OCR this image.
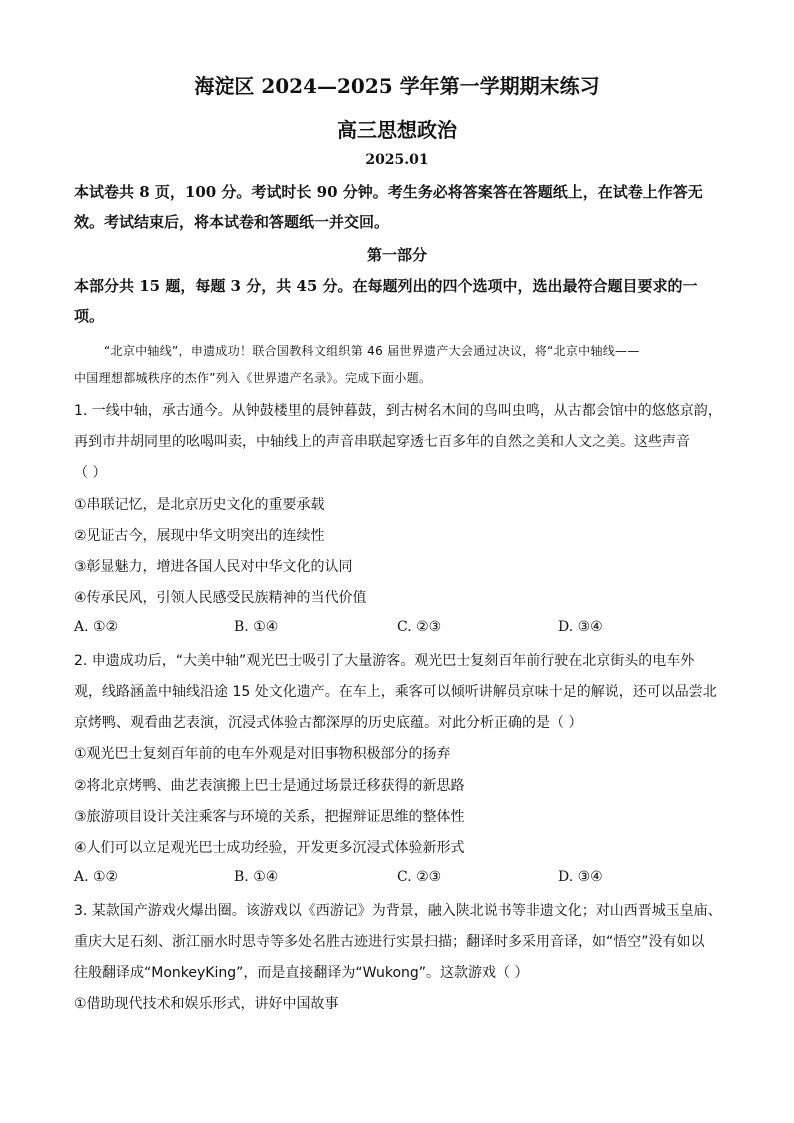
海淀区 2024—2025 学年第一学期期末练习
高三思想政治
2025.01
本试卷共 8 页，100 分。考试时长 90 分钟。考生务必将答案答在答题纸上，在试卷上作答无
效。考试结束后，将本试卷和答题纸一并交回。
第一部分
本部分共 15 题，每题 3 分，共 45 分。在每题列出的四个选项中，选出最符合题目要求的一
项。
“北京中轴线”，申遗成功！联合国教科文组织第 46 届世界遗产大会通过决议，将“北京中轴线——
中国理想都城秩序的杰作”列入《世界遗产名录》。完成下面小题。
1. 一线中轴，承古通今。从钟鼓楼里的晨钟暮鼓，到古树名木间的鸟叫虫鸣，从古都会馆中的悠悠京韵，
再到市井胡同里的吆喝叫卖，中轴线上的声音串联起穿透七百多年的自然之美和人文之美。这些声音
（ ）
①串联记忆，是北京历史文化的重要承载
②见证古今，展现中华文明突出的连续性
③彰显魅力，增进各国人民对中华文化的认同
④传承民风，引领人民感受民族精神的当代价值
A. ①②	B. ①④	C. ②③	D. ③④
2. 申遗成功后，“大美中轴”观光巴士吸引了大量游客。观光巴士复刻百年前行驶在北京街头的电车外
观，线路涵盖中轴线沿途 15 处文化遗产。在车上，乘客可以倾听讲解员京味十足的解说，还可以品尝北
京烤鸭、观看曲艺表演，沉浸式体验古都深厚的历史底蕴。对此分析正确的是（ ）
①观光巴士复刻百年前的电车外观是对旧事物积极部分的扬弃
②将北京烤鸭、曲艺表演搬上巴士是通过场景迁移获得的新思路
③旅游项目设计关注乘客与环境的关系，把握辩证思维的整体性
④人们可以立足观光巴士成功经验，开发更多沉浸式体验新形式
A. ①②	B. ①④	C. ②③	D. ③④
3. 某款国产游戏火爆出圈。该游戏以《西游记》为背景，融入陕北说书等非遗文化；对山西晋城玉皇庙、
重庆大足石刻、浙江丽水时思寺等多处名胜古迹进行实景扫描；翻译时多采用音译，如“悟空”没有如以
往般翻译成“MonkeyKing”，而是直接翻译为“Wukong”。这款游戏（ ）
①借助现代技术和娱乐形式，讲好中国故事
